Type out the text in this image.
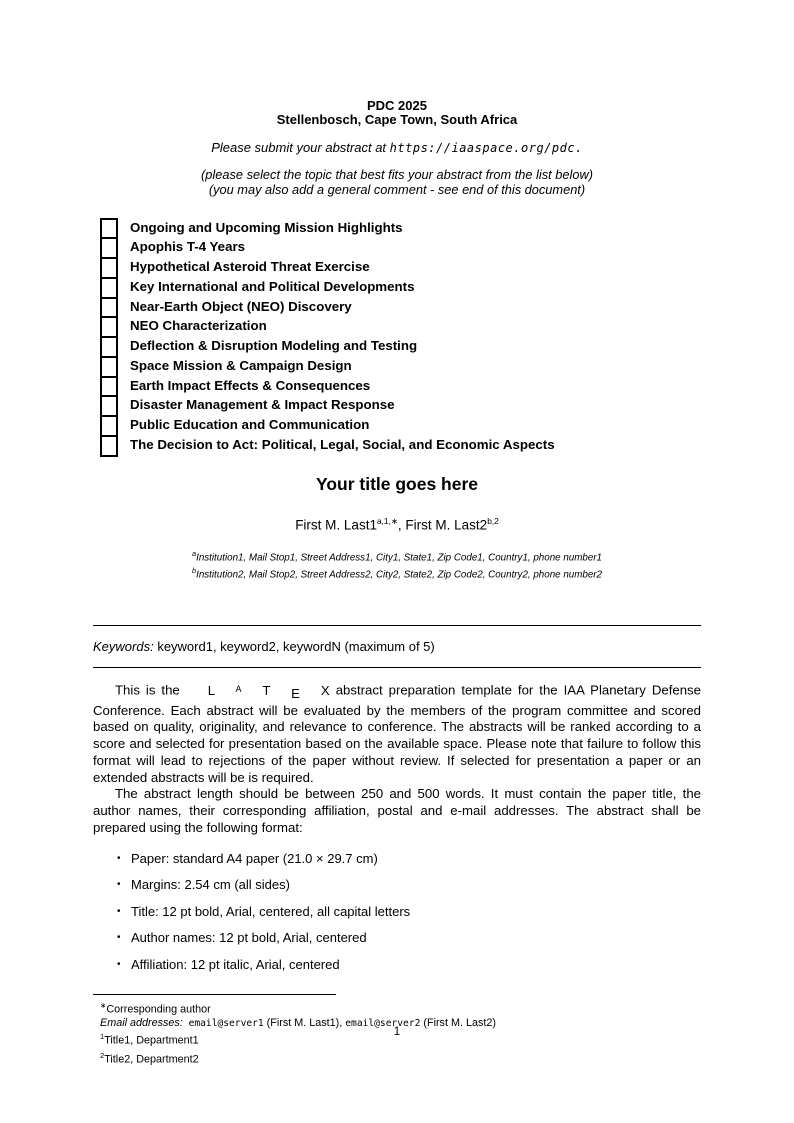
PDC 2025
Stellenbosch, Cape Town, South Africa
Please submit your abstract at https://iaaspace.org/pdc.
(please select the topic that best fits your abstract from the list below)
(you may also add a general comment - see end of this document)
Ongoing and Upcoming Mission Highlights
Apophis T-4 Years
Hypothetical Asteroid Threat Exercise
Key International and Political Developments
Near-Earth Object (NEO) Discovery
NEO Characterization
Deflection & Disruption Modeling and Testing
Space Mission & Campaign Design
Earth Impact Effects & Consequences
Disaster Management & Impact Response
Public Education and Communication
The Decision to Act: Political, Legal, Social, and Economic Aspects
Your title goes here
First M. $Last1^{a,1,∗}$, First M. Last2$^{b,2}$
$^a$Institution1, Mail Stop1, Street Address1, City1, State1, Zip Code1, Country1, phone number1
$^b$Institution2, Mail Stop2, Street Address2, City2, State2, Zip Code2, Country2, phone number2
Keywords: keyword1, keyword2, keywordN (maximum of 5)
This is the L A T E X abstract preparation template for the IAA Planetary Defense Conference. Each abstract will be evaluated by the members of the program committee and scored based on quality, originality, and relevance to conference. The abstracts will be ranked according to a score and selected for presentation based on the available space. Please note that failure to follow this format will lead to rejections of the paper without review. If selected for presentation a paper or an extended abstracts will be is required.
The abstract length should be between 250 and 500 words. It must contain the paper title, the author names, their corresponding affiliation, postal and e-mail addresses. The abstract shall be prepared using the following format:
• Paper: standard A4 paper (21.0 × 29.7 cm)
• Margins: 2.54 cm (all sides)
• Title: 12 pt bold, Arial, centered, all capital letters
• Author names: 12 pt bold, Arial, centered
• Affiliation: 12 pt italic, Arial, centered
∗Corresponding author
Email addresses: email@server1 (First M. Last1), email@server2 (First M. Last2)
$^1$Title1, Department1
$^2$Title2, Department2
1
